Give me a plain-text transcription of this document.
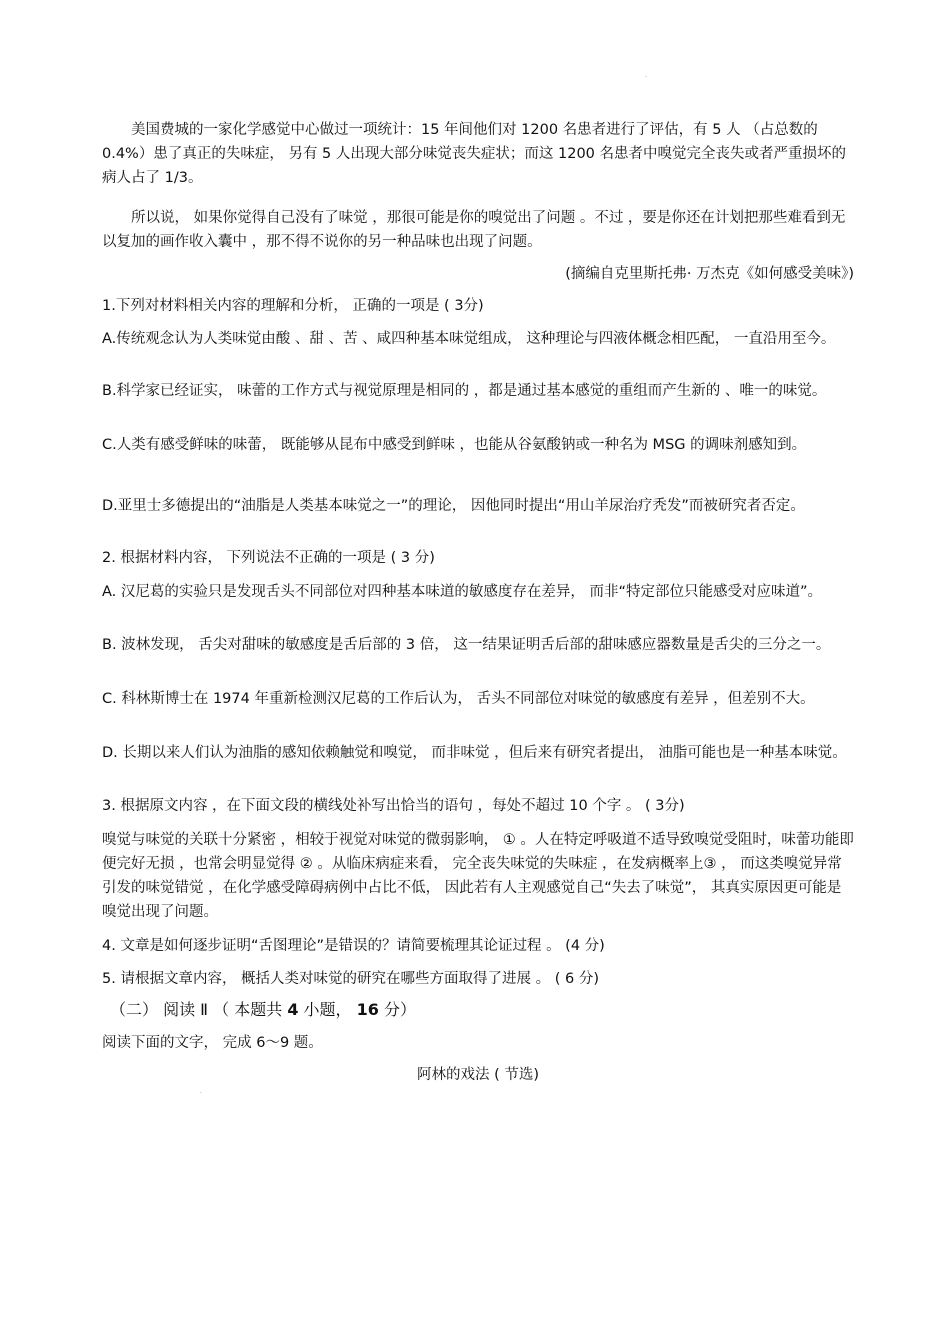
·

美国费城的一家化学感觉中心做过一项统计：15 年间他们对 1200 名患者进行了评估，有 5 人 （占总数的 0.4%）患了真正的失味症， 另有 5 人出现大部分味觉丧失症状；而这 1200 名患者中嗅觉完全丧失或者严重损坏的病人占了 1/3。

所以说， 如果你觉得自己没有了味觉 ，那很可能是你的嗅觉出了问题 。不过 ，要是你还在计划把那些难看到无以复加的画作收入囊中 ，那不得不说你的另一种品味也出现了问题。

(摘编自克里斯托弗· 万杰克《如何感受美味》)

1.下列对材料相关内容的理解和分析， 正确的一项是 ( 3分)

A.传统观念认为人类味觉由酸 、甜 、苦 、咸四种基本味觉组成， 这种理论与四液体概念相匹配， 一直沿用至今。

B.科学家已经证实， 味蕾的工作方式与视觉原理是相同的 ，都是通过基本感觉的重组而产生新的 、唯一的味觉。

C.人类有感受鲜味的味蕾， 既能够从昆布中感受到鲜味 ，也能从谷氨酸钠或一种名为 MSG 的调味剂感知到。

D.亚里士多德提出的“油脂是人类基本味觉之一”的理论， 因他同时提出“用山羊尿治疗秃发”而被研究者否定。

2. 根据材料内容， 下列说法不正确的一项是 ( 3 分)

A. 汉尼葛的实验只是发现舌头不同部位对四种基本味道的敏感度存在差异， 而非“特定部位只能感受对应味道”。

B. 波林发现， 舌尖对甜味的敏感度是舌后部的 3 倍， 这一结果证明舌后部的甜味感应器数量是舌尖的三分之一。

C. 科林斯博士在 1974 年重新检测汉尼葛的工作后认为， 舌头不同部位对味觉的敏感度有差异 ，但差别不大。

D. 长期以来人们认为油脂的感知依赖触觉和嗅觉， 而非味觉 ，但后来有研究者提出， 油脂可能也是一种基本味觉。

3. 根据原文内容 ，在下面文段的横线处补写出恰当的语句 ，每处不超过 10 个字 。 ( 3分)

嗅觉与味觉的关联十分紧密 ，相较于视觉对味觉的微弱影响， ① 。人在特定呼吸道不适导致嗅觉受阻时，味蕾功能即便完好无损 ，也常会明显觉得 ② 。从临床病症来看， 完全丧失味觉的失味症 ，在发病概率上③ ， 而这类嗅觉异常引发的味觉错觉 ，在化学感受障碍病例中占比不低， 因此若有人主观感觉自己“失去了味觉”， 其真实原因更可能是嗅觉出现了问题。

4. 文章是如何逐步证明“舌图理论”是错误的？请简要梳理其论证过程 。 (4 分)

5. 请根据文章内容， 概括人类对味觉的研究在哪些方面取得了进展 。 ( 6 分)

（二） 阅读 Ⅱ （ 本题共 4 小题， 16 分）

阅读下面的文字， 完成 6～9 题。

阿林的戏法 ( 节选)

·
